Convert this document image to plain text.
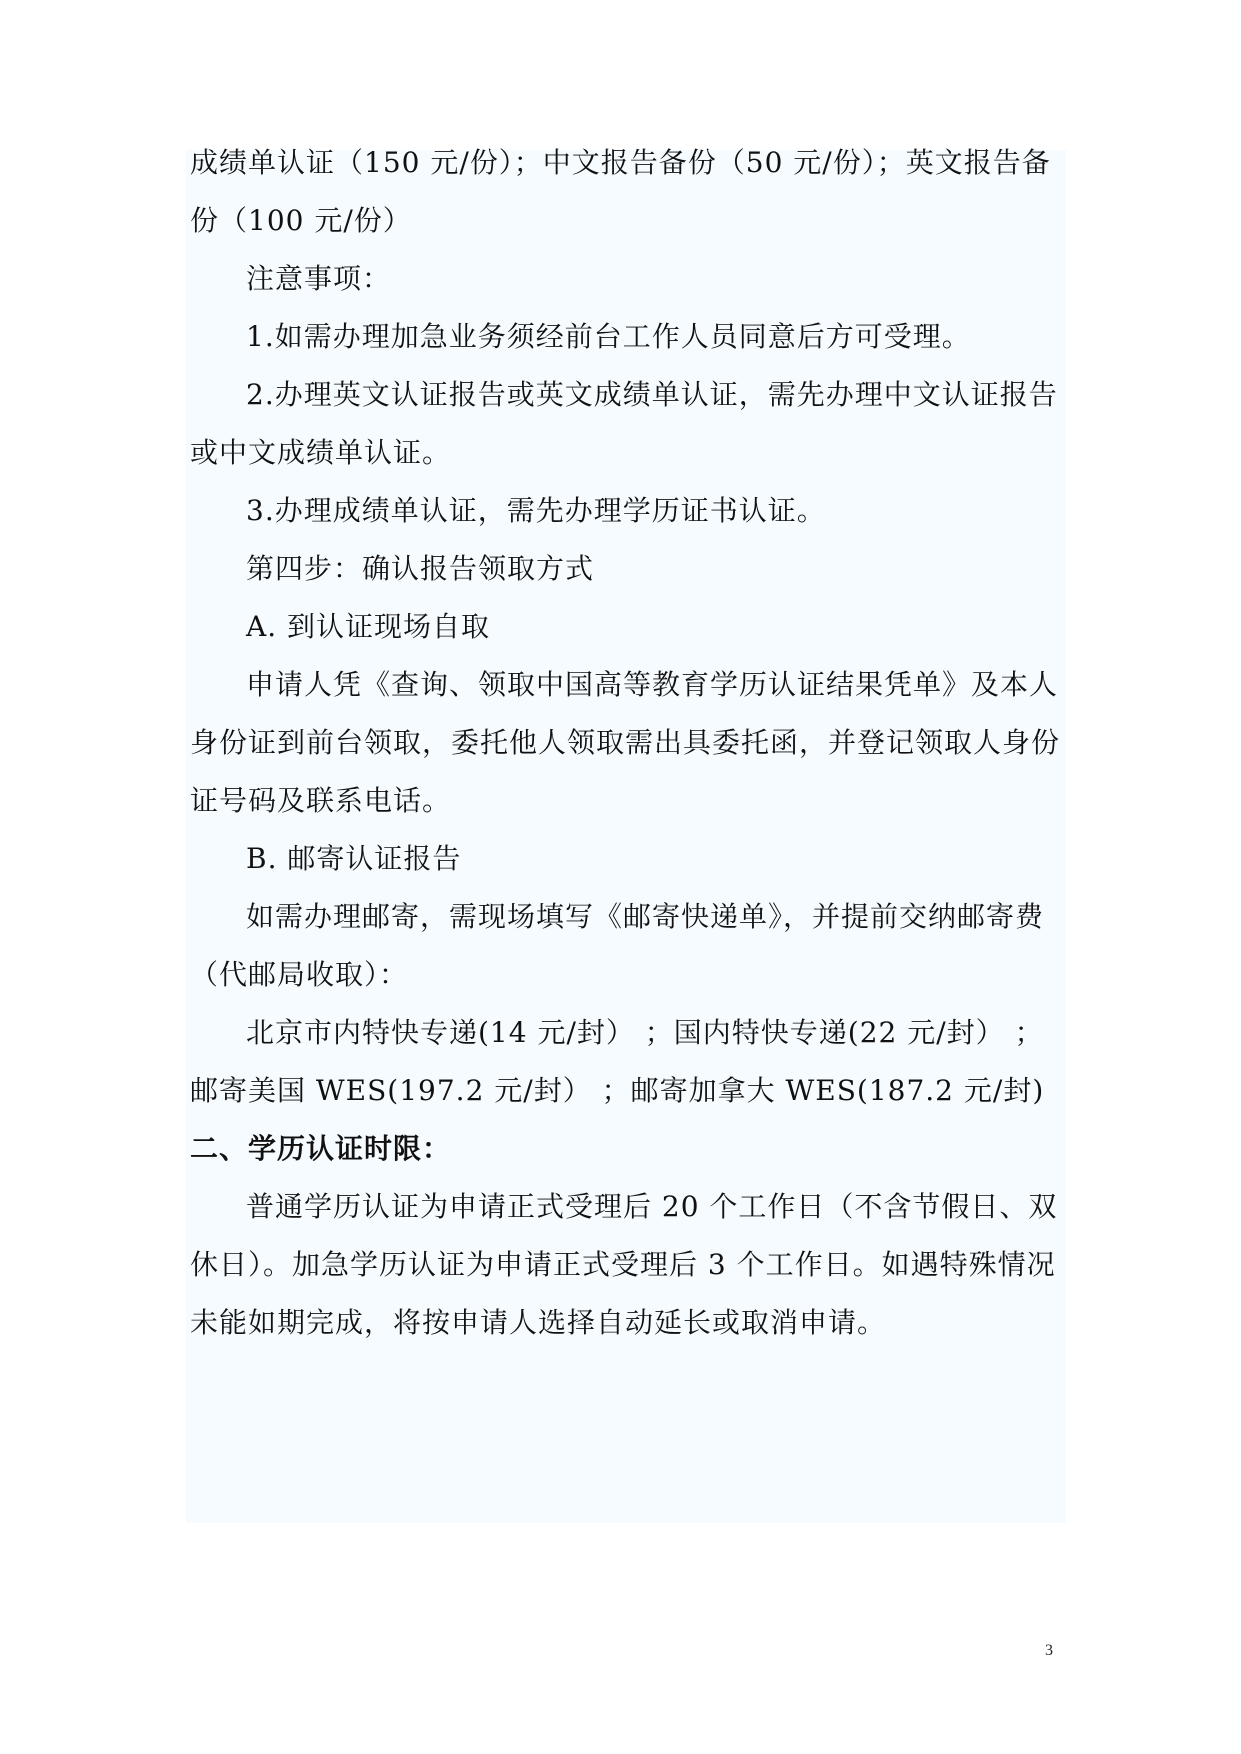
成绩单认证（150 元/份）；中文报告备份（50 元/份）；英文报告备
份（100 元/份）
注意事项：
1.如需办理加急业务须经前台工作人员同意后方可受理。
2.办理英文认证报告或英文成绩单认证，需先办理中文认证报告
或中文成绩单认证。
3.办理成绩单认证，需先办理学历证书认证。
第四步：确认报告领取方式
A. 到认证现场自取
申请人凭《查询、领取中国高等教育学历认证结果凭单》及本人
身份证到前台领取，委托他人领取需出具委托函，并登记领取人身份
证号码及联系电话。
B. 邮寄认证报告
如需办理邮寄，需现场填写《邮寄快递单》，并提前交纳邮寄费
（代邮局收取）：
北京市内特快专递(14 元/封） ；国内特快专递(22 元/封） ；
邮寄美国 WES(197.2 元/封） ；邮寄加拿大 WES(187.2 元/封)
二、学历认证时限：
普通学历认证为申请正式受理后 20 个工作日（不含节假日、双
休日）。加急学历认证为申请正式受理后 3 个工作日。如遇特殊情况
未能如期完成，将按申请人选择自动延长或取消申请。
3
